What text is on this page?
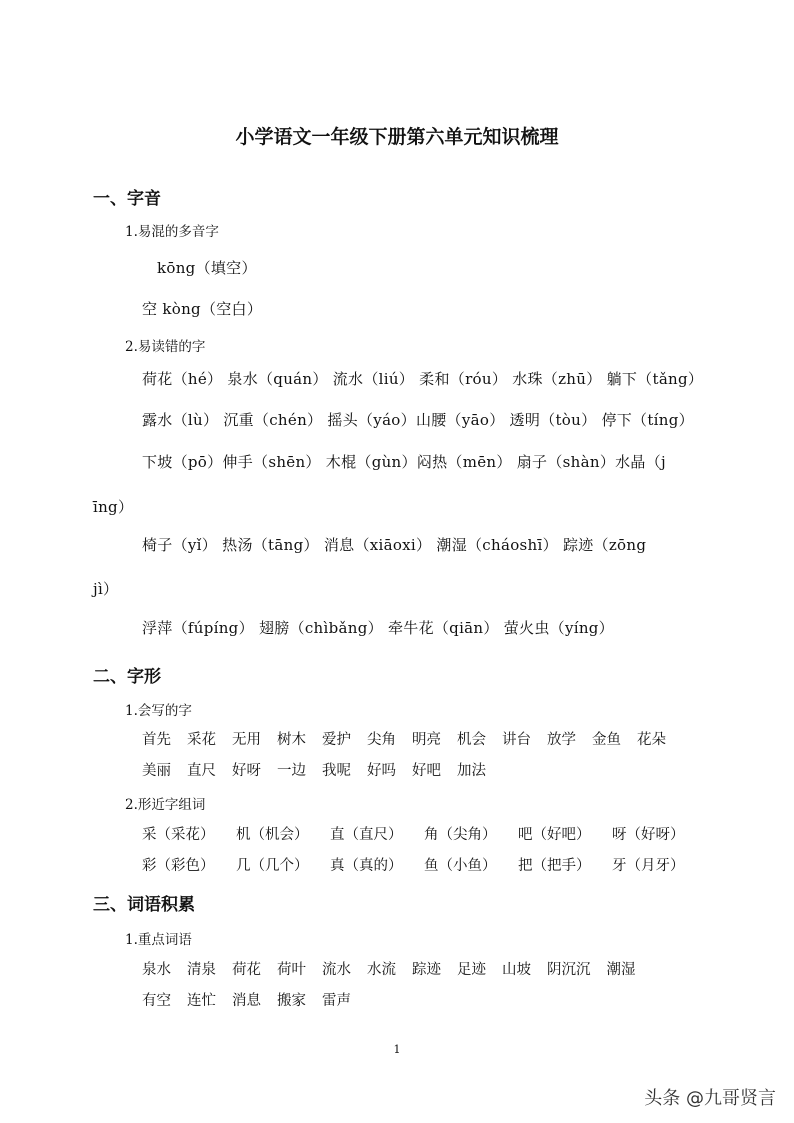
小学语文一年级下册第六单元知识梳理
一、字音
1.易混的多音字
kōng（填空）
空 kòng（空白）
2.易读错的字
荷花（hé） 泉水（quán） 流水（liú） 柔和（róu） 水珠（zhū） 躺下（tǎng）
露水（lù） 沉重（chén） 摇头（yáo）山腰（yāo） 透明（tòu） 停下（tíng）
下坡（pō）伸手（shēn） 木棍（gùn）闷热（mēn） 扇子（shàn）水晶（j
īng）
椅子（yǐ） 热汤（tāng） 消息（xiāoxi） 潮湿（cháoshī） 踪迹（zōng
jì）
浮萍（fúpíng） 翅膀（chìbǎng） 牵牛花（qiān） 萤火虫（yíng）
二、字形
1.会写的字
首先 采花 无用 树木 爱护 尖角 明亮 机会 讲台 放学 金鱼 花朵
美丽 直尺 好呀 一边 我呢 好吗 好吧 加法
2.形近字组词
采（采花）	机（机会）	直（直尺）	角（尖角）	吧（好吧）	呀（好呀）
彩（彩色）	几（几个）	真（真的）	鱼（小鱼）	把（把手）	牙（月牙）
三、词语积累
1.重点词语
泉水 清泉 荷花 荷叶 流水 水流 踪迹 足迹 山坡 阴沉沉 潮湿
有空 连忙 消息 搬家 雷声
1
头条 @九哥贤言
